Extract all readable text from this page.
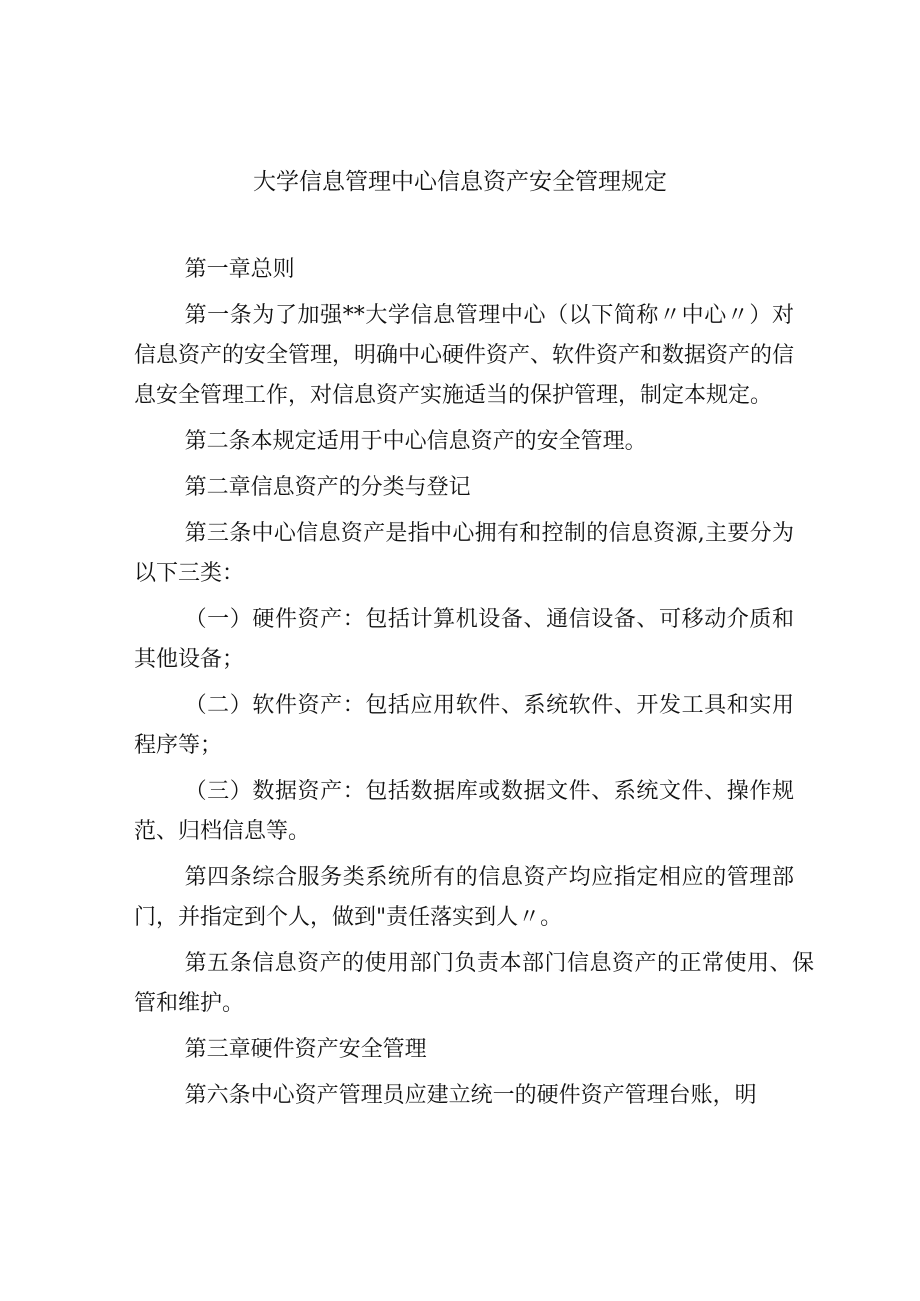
大学信息管理中心信息资产安全管理规定

第一章总则

第一条为了加强**大学信息管理中心（以下简称〃中心〃）对信息资产的安全管理，明确中心硬件资产、软件资产和数据资产的信息安全管理工作，对信息资产实施适当的保护管理，制定本规定。

第二条本规定适用于中心信息资产的安全管理。

第二章信息资产的分类与登记

第三条中心信息资产是指中心拥有和控制的信息资源,主要分为以下三类：

（一）硬件资产：包括计算机设备、通信设备、可移动介质和其他设备；

（二）软件资产：包括应用软件、系统软件、开发工具和实用程序等；

（三）数据资产：包括数据库或数据文件、系统文件、操作规范、归档信息等。

第四条综合服务类系统所有的信息资产均应指定相应的管理部门，并指定到个人，做到"责任落实到人〃。

第五条信息资产的使用部门负责本部门信息资产的正常使用、保管和维护。

第三章硬件资产安全管理

第六条中心资产管理员应建立统一的硬件资产管理台账，明
